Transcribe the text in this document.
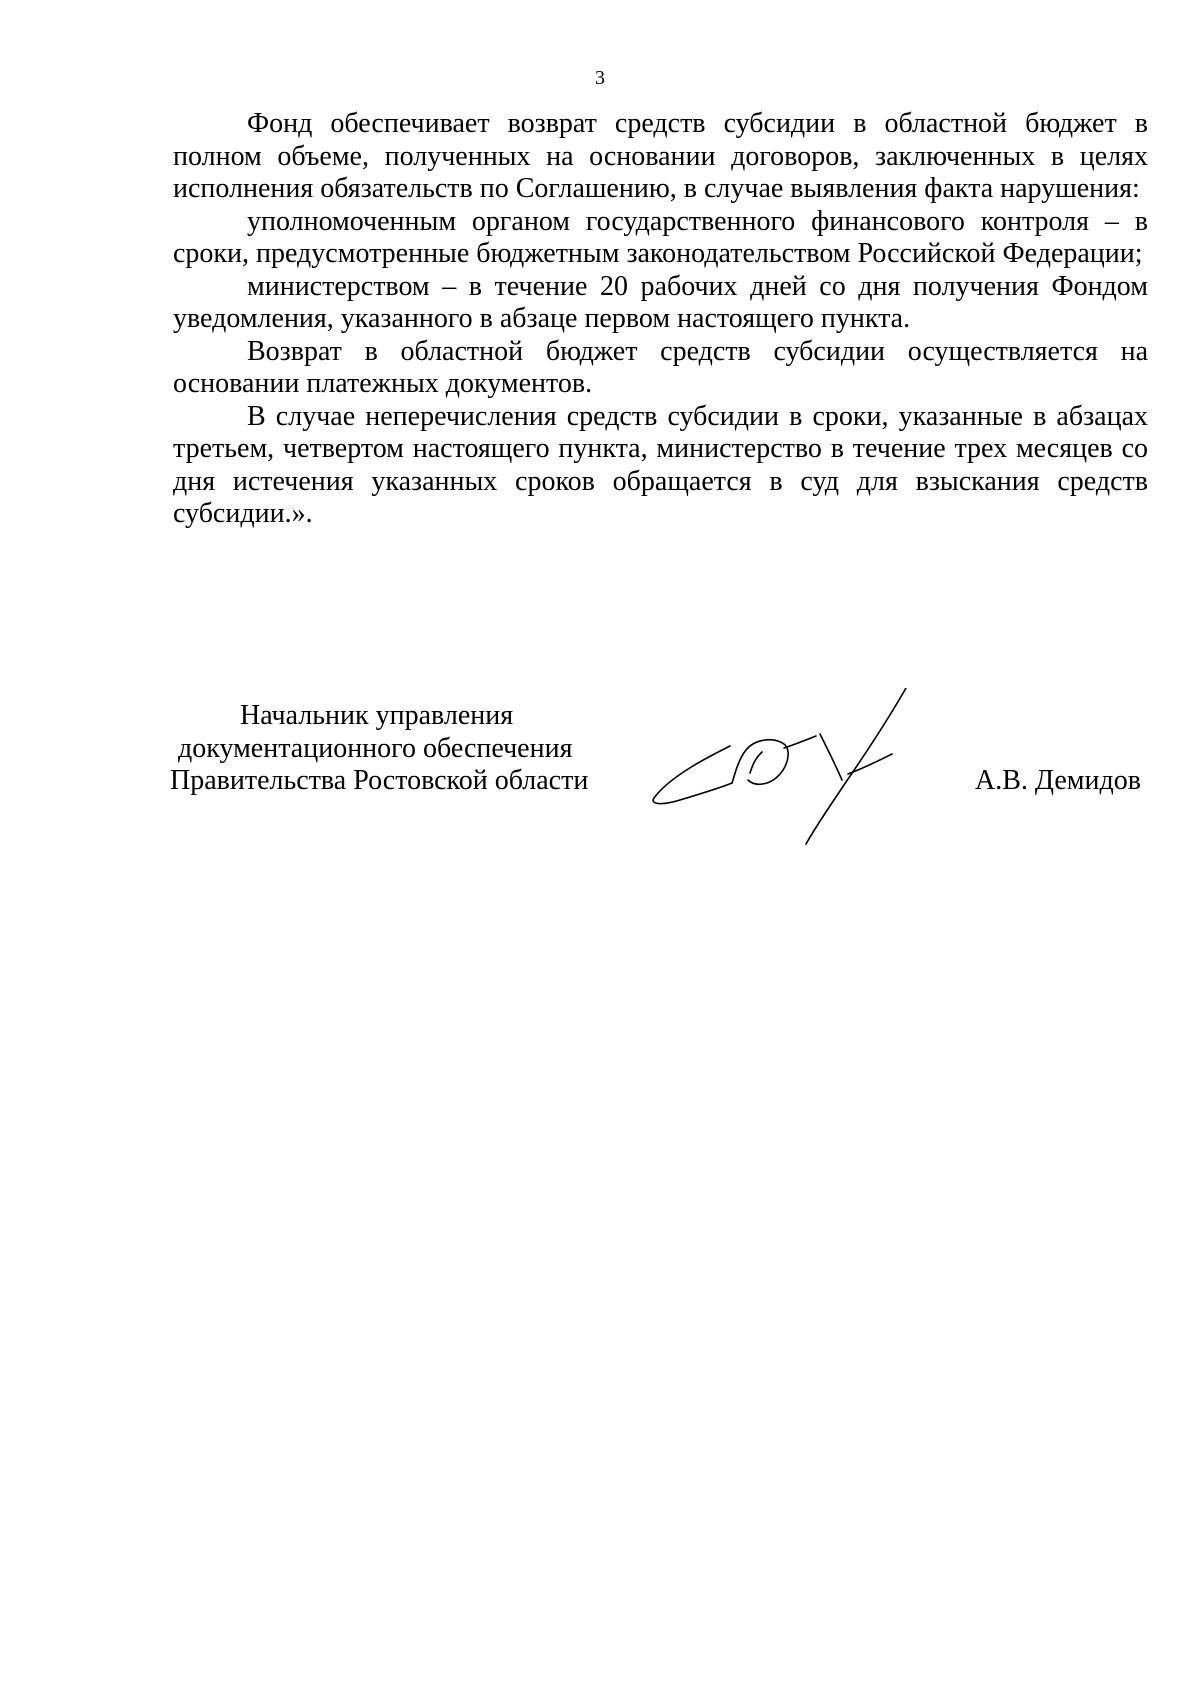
3

Фонд обеспечивает возврат средств субсидии в областной бюджет в полном объеме, полученных на основании договоров, заключенных в целях исполнения обязательств по Соглашению, в случае выявления факта нарушения:

уполномоченным органом государственного финансового контроля – в сроки, предусмотренные бюджетным законодательством Российской Федерации;

министерством – в течение 20 рабочих дней со дня получения Фондом уведомления, указанного в абзаце первом настоящего пункта.

Возврат в областной бюджет средств субсидии осуществляется на основании платежных документов.

В случае неперечисления средств субсидии в сроки, указанные в абзацах третьем, четвертом настоящего пункта, министерство в течение трех месяцев со дня истечения указанных сроков обращается в суд для взыскания средств субсидии.».

Начальник управления
документационного обеспечения
Правительства Ростовской области	А.В. Демидов
